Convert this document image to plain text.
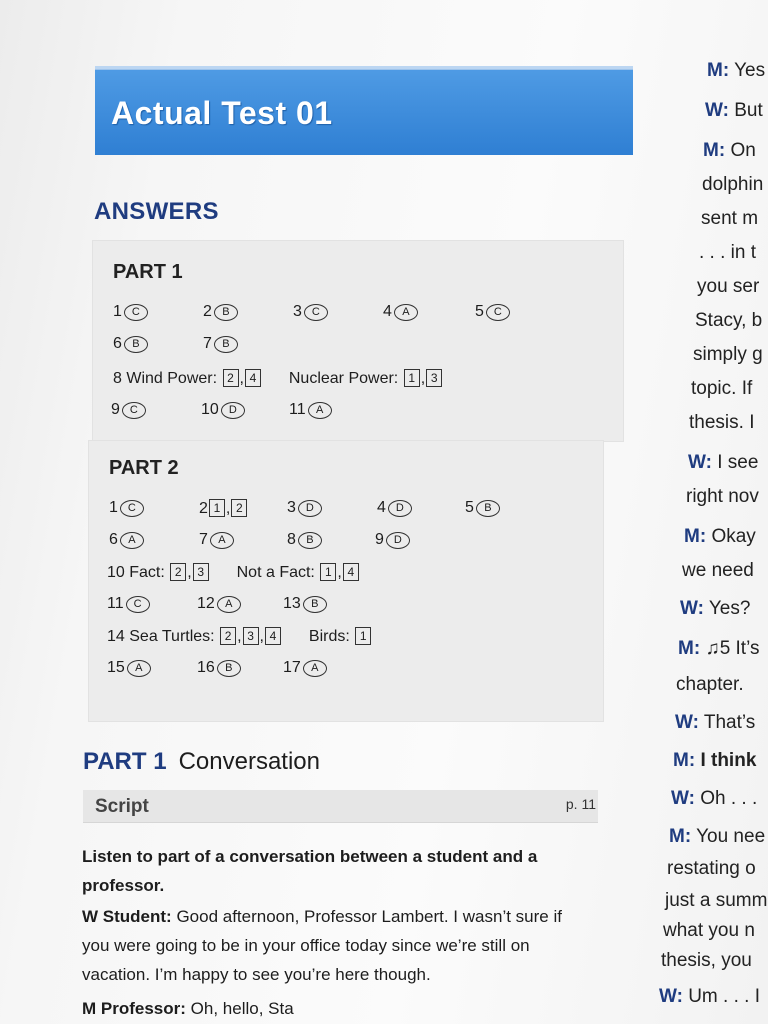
Actual Test 01
ANSWERS
PART 1
1 C	2 B	3 C	4 A	5 C
6 B	7 B
8 Wind Power: 2 , 4 Nuclear Power: 1 , 3
9 C	10 D	11 A
PART 2
1 C	2 1 , 2	3 D	4 D	5 B
6 A	7 A	8 B	9 D
10 Fact: 2 , 3 Not a Fact: 1 , 4
11 C	12 A	13 B
14 Sea Turtles: 2 , 3 , 4 Birds: 1
15 A	16 B	17 A
PART 1 Conversation
Script	p. 11
Listen to part of a conversation between a student and a professor.
W Student: Good afternoon, Professor Lambert. I wasn’t sure if you were going to be in your office today since we’re still on vacation. I’m happy to see you’re here though.
M Professor: Oh, hello, Sta
M: Yes
W: But
M: On
dolphin
sent m
. . . in t
you ser
Stacy, b
simply g
topic. If
thesis. I
W: I see
right nov
M: Okay
we need
W: Yes?
M: ♫5 It’s
chapter.
W: That’s
M: I think
W: Oh . . .
M: You nee
restating o
just a summ
what you n
thesis, you
W: Um . . . I
